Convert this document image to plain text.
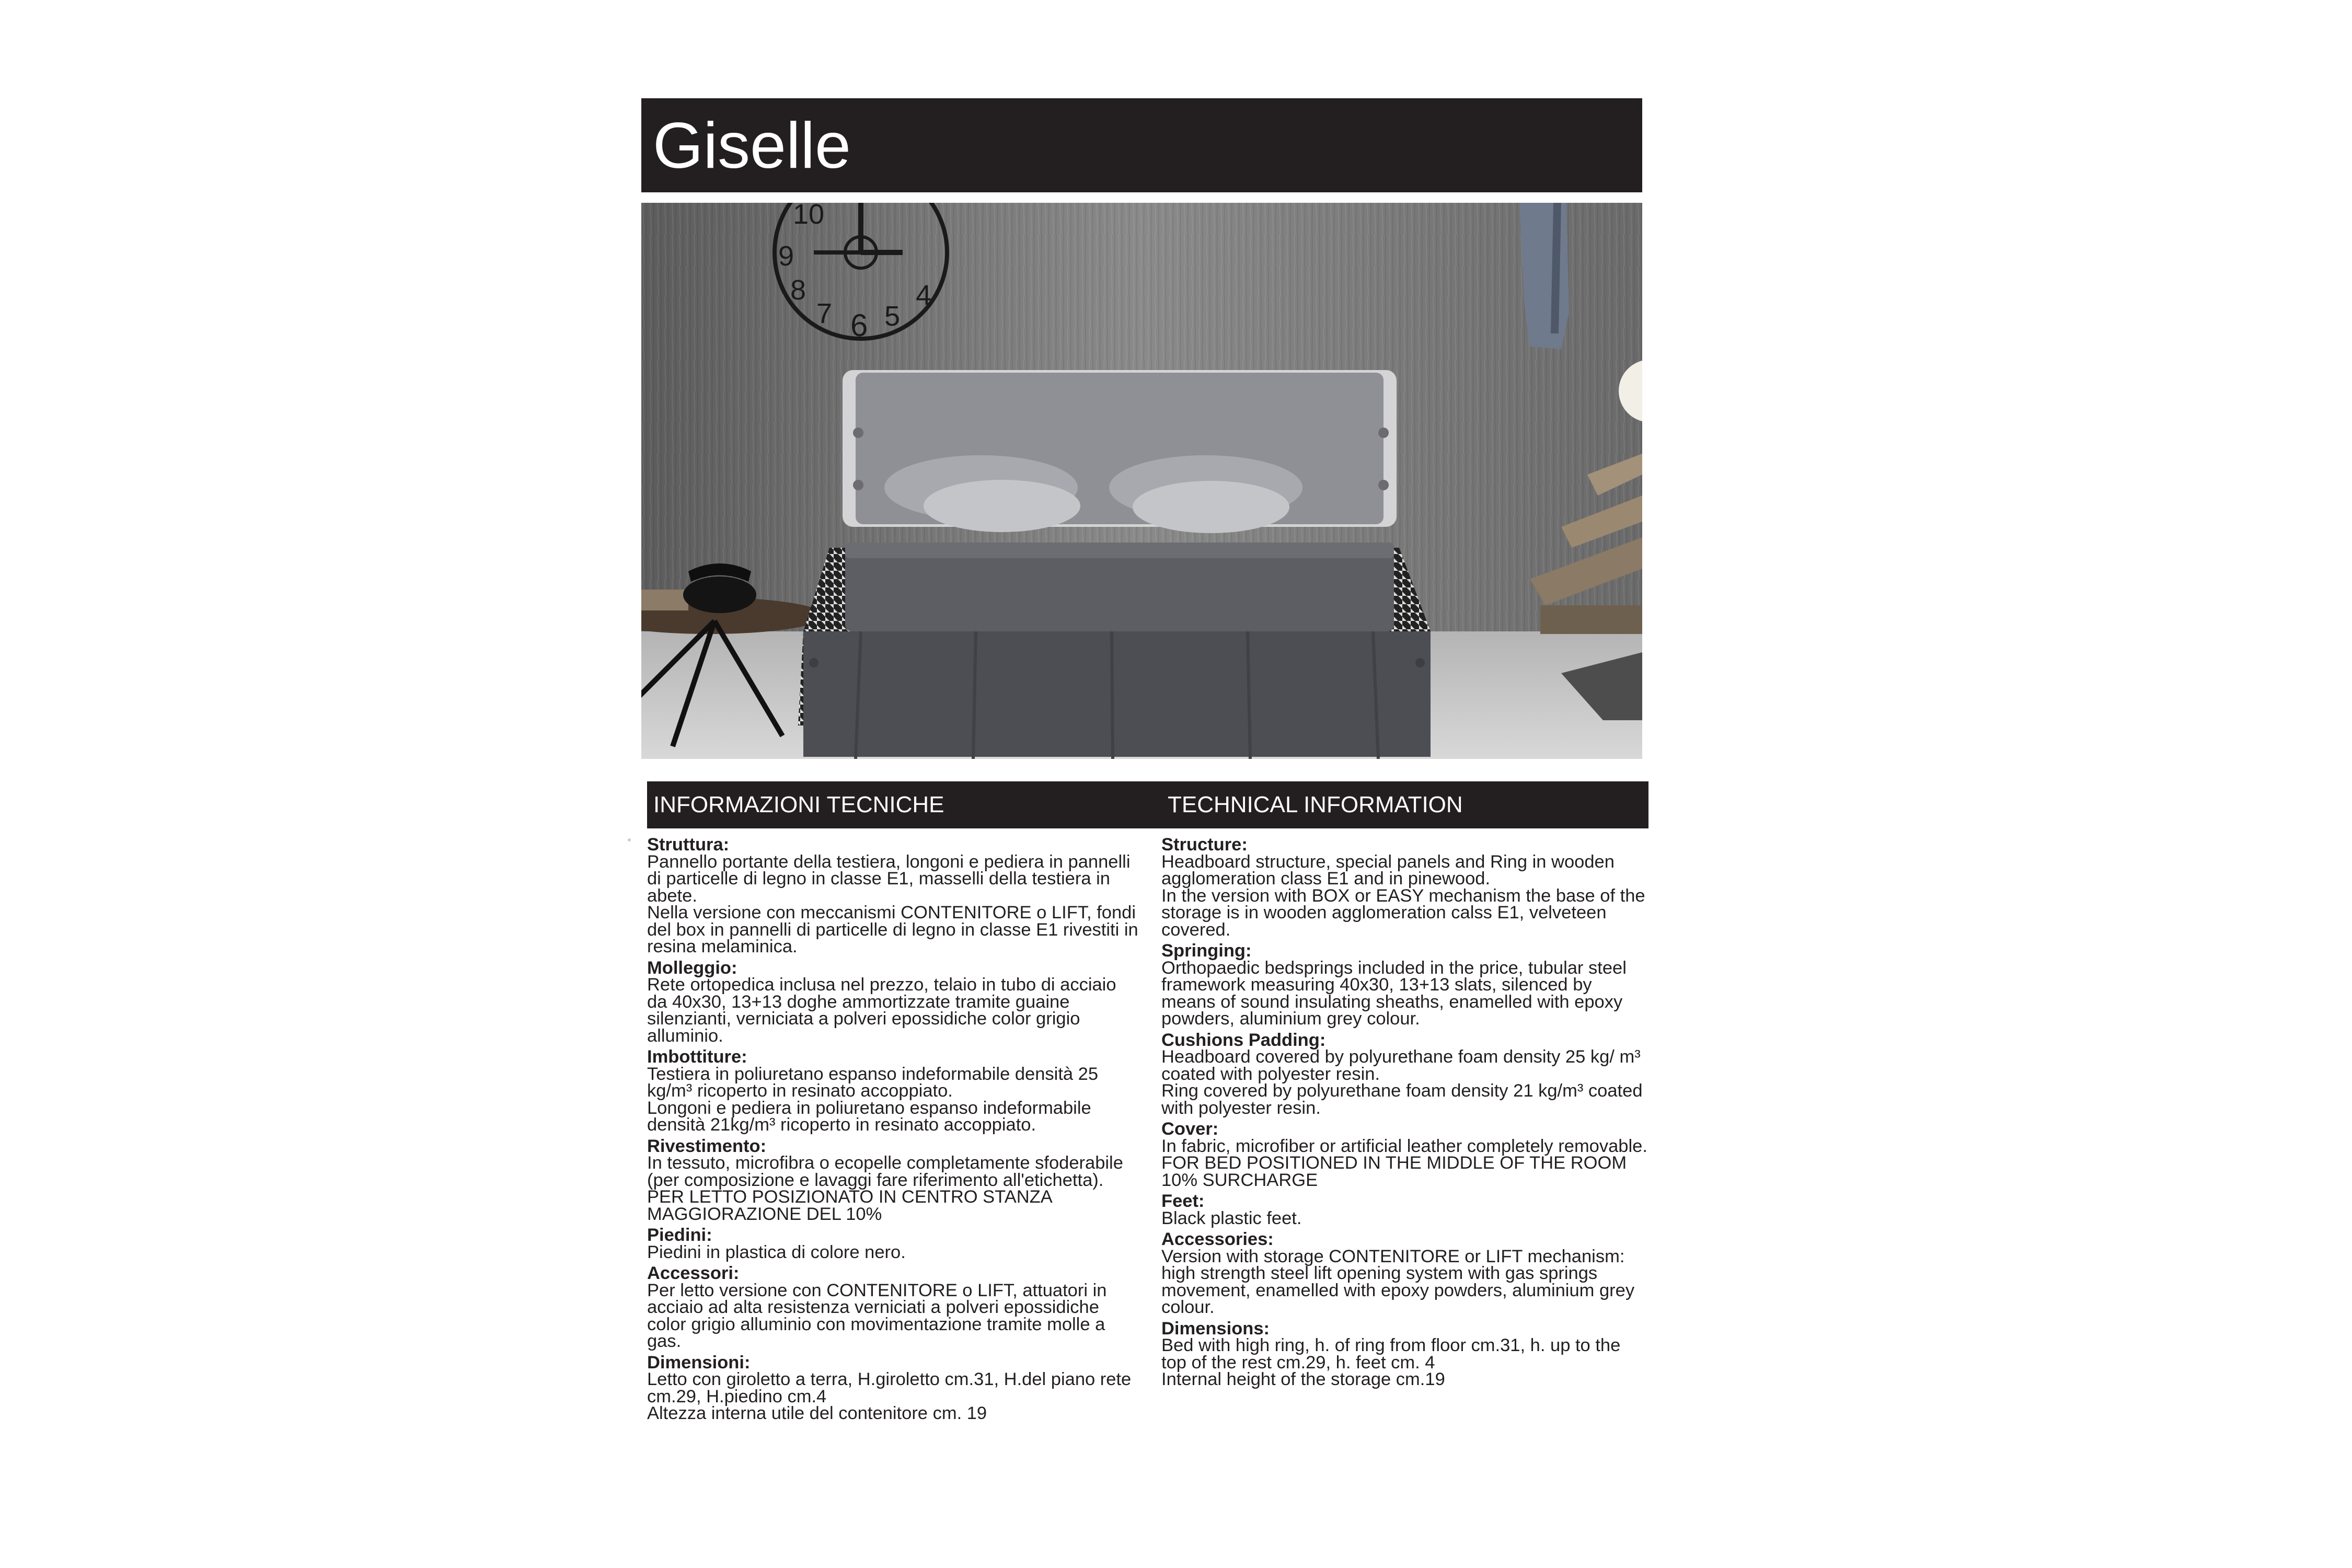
Giselle
10
9
8
7 6 5
4
INFORMAZIONI TECNICHE	TECHNICAL INFORMATION
Struttura:
Pannello portante della testiera, longoni e pediera in pannelli di particelle di legno in classe E1, masselli della testiera in abete.
Nella versione con meccanismi CONTENITORE o LIFT, fondi del box in pannelli di particelle di legno in classe E1 rivestiti in resina melaminica.
Molleggio:
Rete ortopedica inclusa nel prezzo, telaio in tubo di acciaio da 40x30, 13+13 doghe ammortizzate tramite guaine silenzianti, verniciata a polveri epossidiche color grigio alluminio.
Imbottiture:
Testiera in poliuretano espanso indeformabile densità 25 kg/m³ ricoperto in resinato accoppiato.
Longoni e pediera in poliuretano espanso indeformabile densità 21kg/m³ ricoperto in resinato accoppiato.
Rivestimento:
In tessuto, microfibra o ecopelle completamente sfoderabile (per composizione e lavaggi fare riferimento all'etichetta).
PER LETTO POSIZIONATO IN CENTRO STANZA MAGGIORAZIONE DEL 10%
Piedini:
Piedini in plastica di colore nero.
Accessori:
Per letto versione con CONTENITORE o LIFT, attuatori in acciaio ad alta resistenza verniciati a polveri epossidiche color grigio alluminio con movimentazione tramite molle a gas.
Dimensioni:
Letto con giroletto a terra, H.giroletto cm.31, H.del piano rete cm.29, H.piedino cm.4
Altezza interna utile del contenitore cm. 19
Structure:
Headboard structure, special panels and Ring in wooden agglomeration class E1 and in pinewood.
In the version with BOX or EASY mechanism the base of the storage is in wooden agglomeration calss E1, velveteen covered.
Springing:
Orthopaedic bedsprings included in the price, tubular steel framework measuring 40x30, 13+13 slats, silenced by means of sound insulating sheaths, enamelled with epoxy powders, aluminium grey colour.
Cushions Padding:
Headboard covered by polyurethane foam density 25 kg/ m³ coated with polyester resin.
Ring covered by polyurethane foam density 21 kg/m³ coated with polyester resin.
Cover:
In fabric, microfiber or artificial leather completely removable.
FOR BED POSITIONED IN THE MIDDLE OF THE ROOM 10% SURCHARGE
Feet:
Black plastic feet.
Accessories:
Version with storage CONTENITORE or LIFT mechanism: high strength steel lift opening system with gas springs movement, enamelled with epoxy powders, aluminium grey colour.
Dimensions:
Bed with high ring, h. of ring from floor cm.31, h. up to the top of the rest cm.29, h. feet cm. 4
Internal height of the storage cm.19
